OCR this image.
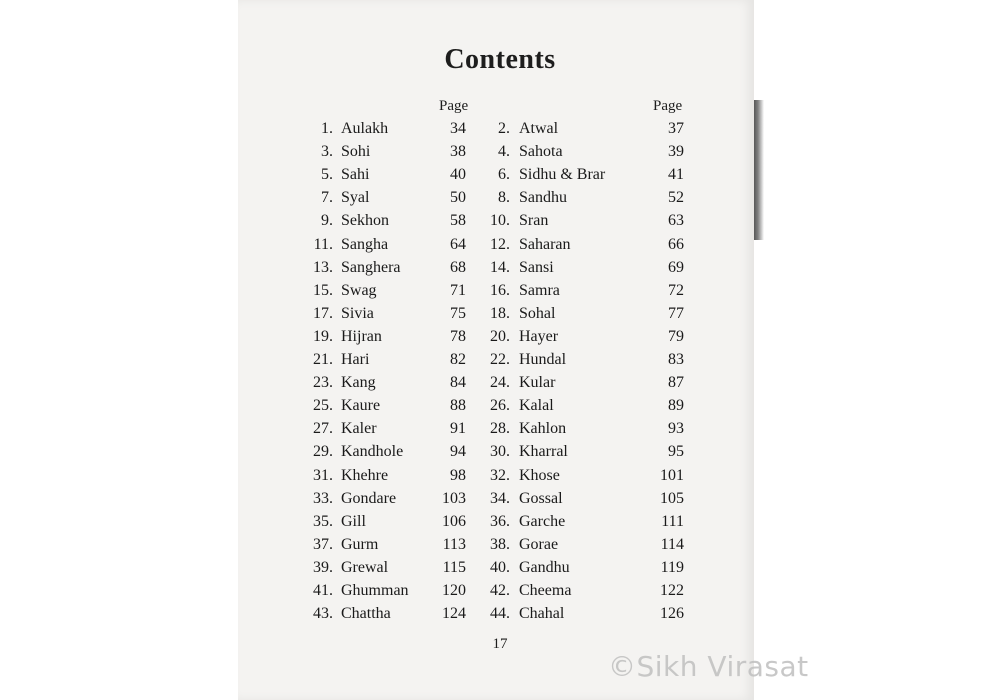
Contents
Page	Page
1. Aulakh	34
3. Sohi	38
5. Sahi	40
7. Syal	50
9. Sekhon	58
11. Sangha	64
13. Sanghera	68
15. Swag	71
17. Sivia	75
19. Hijran	78
21. Hari	82
23. Kang	84
25. Kaure	88
27. Kaler	91
29. Kandhole	94
31. Khehre	98
33. Gondare	103
35. Gill	106
37. Gurm	113
39. Grewal	115
41. Ghumman 120
43. Chattha	124
2. Atwal	37
4. Sahota	39
6. Sidhu & Brar	41
8. Sandhu	52
10. Sran	63
12. Saharan	66
14. Sansi	69
16. Samra	72
18. Sohal	77
20. Hayer	79
22. Hundal	83
24. Kular	87
26. Kalal	89
28. Kahlon	93
30. Kharral	95
32. Khose	101
34. Gossal	105
36. Garche	111
38. Gorae	114
40. Gandhu	119
42. Cheema	122
44. Chahal	126
17
©Sikh Virasat
